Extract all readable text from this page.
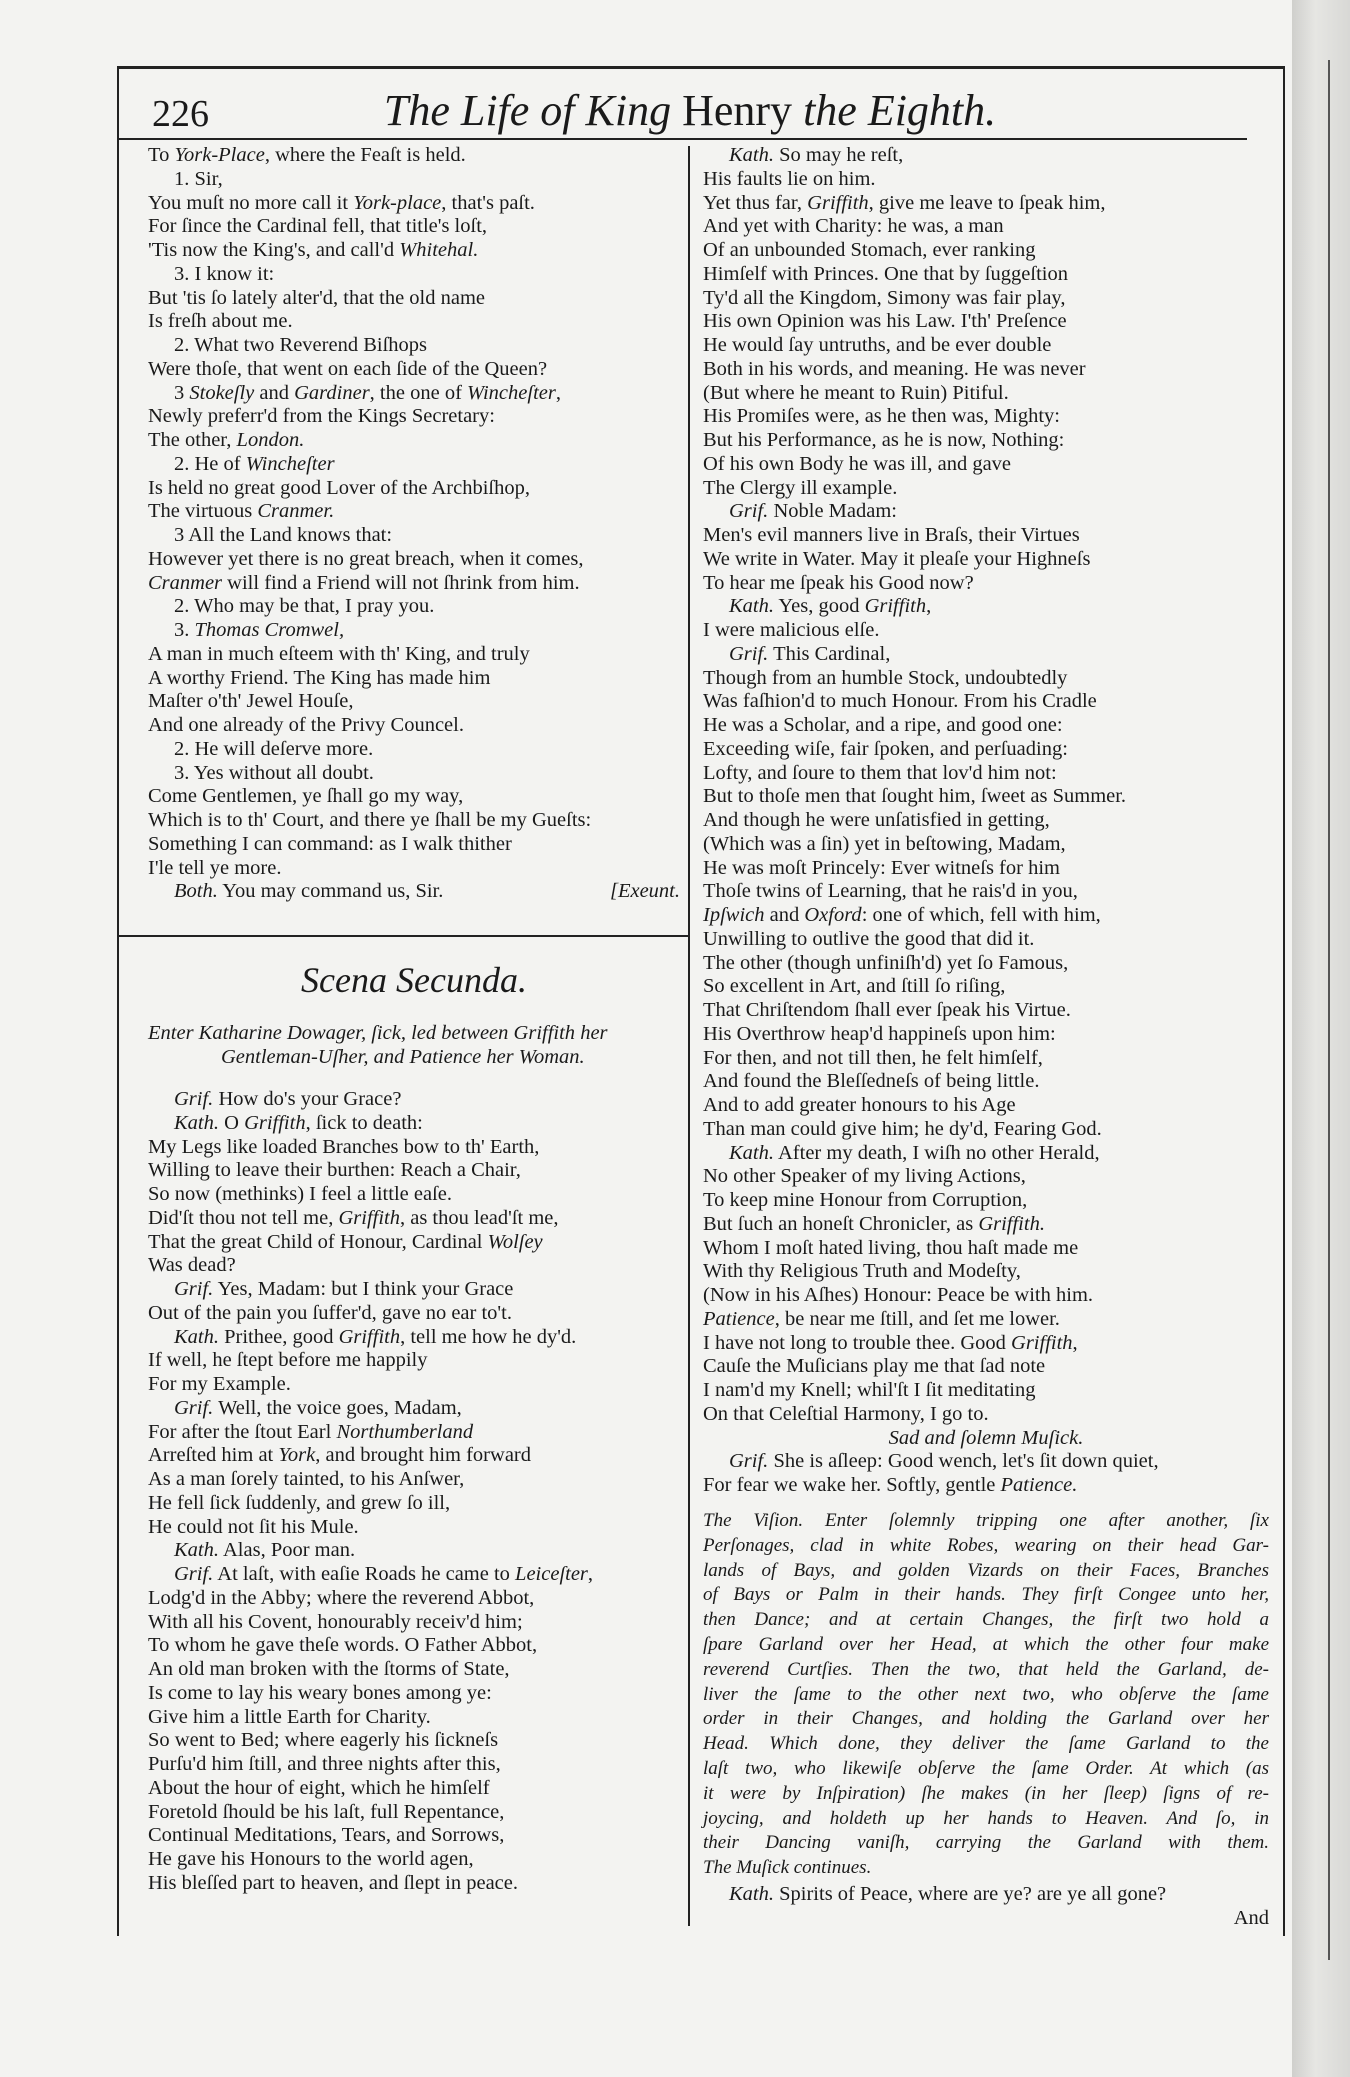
226	The Life of King Henry the Eighth.
To York-Place, where the Feaſt is held.
1. Sir,
You muſt no more call it York-place, that's paſt.
For ſince the Cardinal fell, that title's loſt,
'Tis now the King's, and call'd Whitehal.
3. I know it:
But 'tis ſo lately alter'd, that the old name
Is freſh about me.
2. What two Reverend Biſhops
Were thoſe, that went on each ſide of the Queen?
3 Stokeſly and Gardiner, the one of Wincheſter,
Newly preferr'd from the Kings Secretary:
The other, London.
2. He of Wincheſter
Is held no great good Lover of the Archbiſhop,
The virtuous Cranmer.
3 All the Land knows that:
However yet there is no great breach, when it comes,
Cranmer will find a Friend will not ſhrink from him.
2. Who may be that, I pray you.
3. Thomas Cromwel,
A man in much eſteem with th' King, and truly
A worthy Friend. The King has made him
Maſter o'th' Jewel Houſe,
And one already of the Privy Councel.
2. He will deſerve more.
3. Yes without all doubt.
Come Gentlemen, ye ſhall go my way,
Which is to th' Court, and there ye ſhall be my Gueſts:
Something I can command: as I walk thither
I'le tell ye more.
Both. You may command us, Sir.	[Exeunt.
Scena Secunda.
Enter Katharine Dowager, ſick, led between Griffith her
Gentleman-Uſher, and Patience her Woman.
Grif. How do's your Grace?
Kath. O Griffith, ſick to death:
My Legs like loaded Branches bow to th' Earth,
Willing to leave their burthen: Reach a Chair,
So now (methinks) I feel a little eaſe.
Did'ſt thou not tell me, Griffith, as thou lead'ſt me,
That the great Child of Honour, Cardinal Wolſey
Was dead?
Grif. Yes, Madam: but I think your Grace
Out of the pain you ſuffer'd, gave no ear to't.
Kath. Prithee, good Griffith, tell me how he dy'd.
If well, he ſtept before me happily
For my Example.
Grif. Well, the voice goes, Madam,
For after the ſtout Earl Northumberland
Arreſted him at York, and brought him forward
As a man ſorely tainted, to his Anſwer,
He fell ſick ſuddenly, and grew ſo ill,
He could not ſit his Mule.
Kath. Alas, Poor man.
Grif. At laſt, with eaſie Roads he came to Leiceſter,
Lodg'd in the Abby; where the reverend Abbot,
With all his Covent, honourably receiv'd him;
To whom he gave theſe words. O Father Abbot,
An old man broken with the ſtorms of State,
Is come to lay his weary bones among ye:
Give him a little Earth for Charity.
So went to Bed; where eagerly his ſickneſs
Purſu'd him ſtill, and three nights after this,
About the hour of eight, which he himſelf
Foretold ſhould be his laſt, full Repentance,
Continual Meditations, Tears, and Sorrows,
He gave his Honours to the world agen,
His bleſſed part to heaven, and ſlept in peace.
Kath. So may he reſt,
His faults lie on him.
Yet thus far, Griffith, give me leave to ſpeak him,
And yet with Charity: he was, a man
Of an unbounded Stomach, ever ranking
Himſelf with Princes. One that by ſuggeſtion
Ty'd all the Kingdom, Simony was fair play,
His own Opinion was his Law. I'th' Preſence
He would ſay untruths, and be ever double
Both in his words, and meaning. He was never
(But where he meant to Ruin) Pitiful.
His Promiſes were, as he then was, Mighty:
But his Performance, as he is now, Nothing:
Of his own Body he was ill, and gave
The Clergy ill example.
Grif. Noble Madam:
Men's evil manners live in Braſs, their Virtues
We write in Water. May it pleaſe your Highneſs
To hear me ſpeak his Good now?
Kath. Yes, good Griffith,
I were malicious elſe.
Grif. This Cardinal,
Though from an humble Stock, undoubtedly
Was faſhion'd to much Honour. From his Cradle
He was a Scholar, and a ripe, and good one:
Exceeding wiſe, fair ſpoken, and perſuading:
Lofty, and ſoure to them that lov'd him not:
But to thoſe men that ſought him, ſweet as Summer.
And though he were unſatisfied in getting,
(Which was a ſin) yet in beſtowing, Madam,
He was moſt Princely: Ever witneſs for him
Thoſe twins of Learning, that he rais'd in you,
Ipſwich and Oxford: one of which, fell with him,
Unwilling to outlive the good that did it.
The other (though unfiniſh'd) yet ſo Famous,
So excellent in Art, and ſtill ſo riſing,
That Chriſtendom ſhall ever ſpeak his Virtue.
His Overthrow heap'd happineſs upon him:
For then, and not till then, he felt himſelf,
And found the Bleſſedneſs of being little.
And to add greater honours to his Age
Than man could give him; he dy'd, Fearing God.
Kath. After my death, I wiſh no other Herald,
No other Speaker of my living Actions,
To keep mine Honour from Corruption,
But ſuch an honeſt Chronicler, as Griffith.
Whom I moſt hated living, thou haſt made me
With thy Religious Truth and Modeſty,
(Now in his Aſhes) Honour: Peace be with him.
Patience, be near me ſtill, and ſet me lower.
I have not long to trouble thee. Good Griffith,
Cauſe the Muſicians play me that ſad note
I nam'd my Knell; whil'ſt I ſit meditating
On that Celeſtial Harmony, I go to.
Sad and ſolemn Muſick.
Grif. She is aſleep: Good wench, let's ſit down quiet,
For fear we wake her. Softly, gentle Patience.
The Viſion. Enter ſolemnly tripping one after another, ſix
Perſonages, clad in white Robes, wearing on their head Gar-
lands of Bays, and golden Vizards on their Faces, Branches
of Bays or Palm in their hands. They firſt Congee unto her,
then Dance; and at certain Changes, the firſt two hold a
ſpare Garland over her Head, at which the other four make
reverend Curtſies. Then the two, that held the Garland, de-
liver the ſame to the other next two, who obſerve the ſame
order in their Changes, and holding the Garland over her
Head. Which done, they deliver the ſame Garland to the
laſt two, who likewiſe obſerve the ſame Order. At which (as
it were by Inſpiration) ſhe makes (in her ſleep) ſigns of re-
joycing, and holdeth up her hands to Heaven. And ſo, in
their Dancing vaniſh, carrying the Garland with them.
The Muſick continues.
Kath. Spirits of Peace, where are ye? are ye all gone?
And
